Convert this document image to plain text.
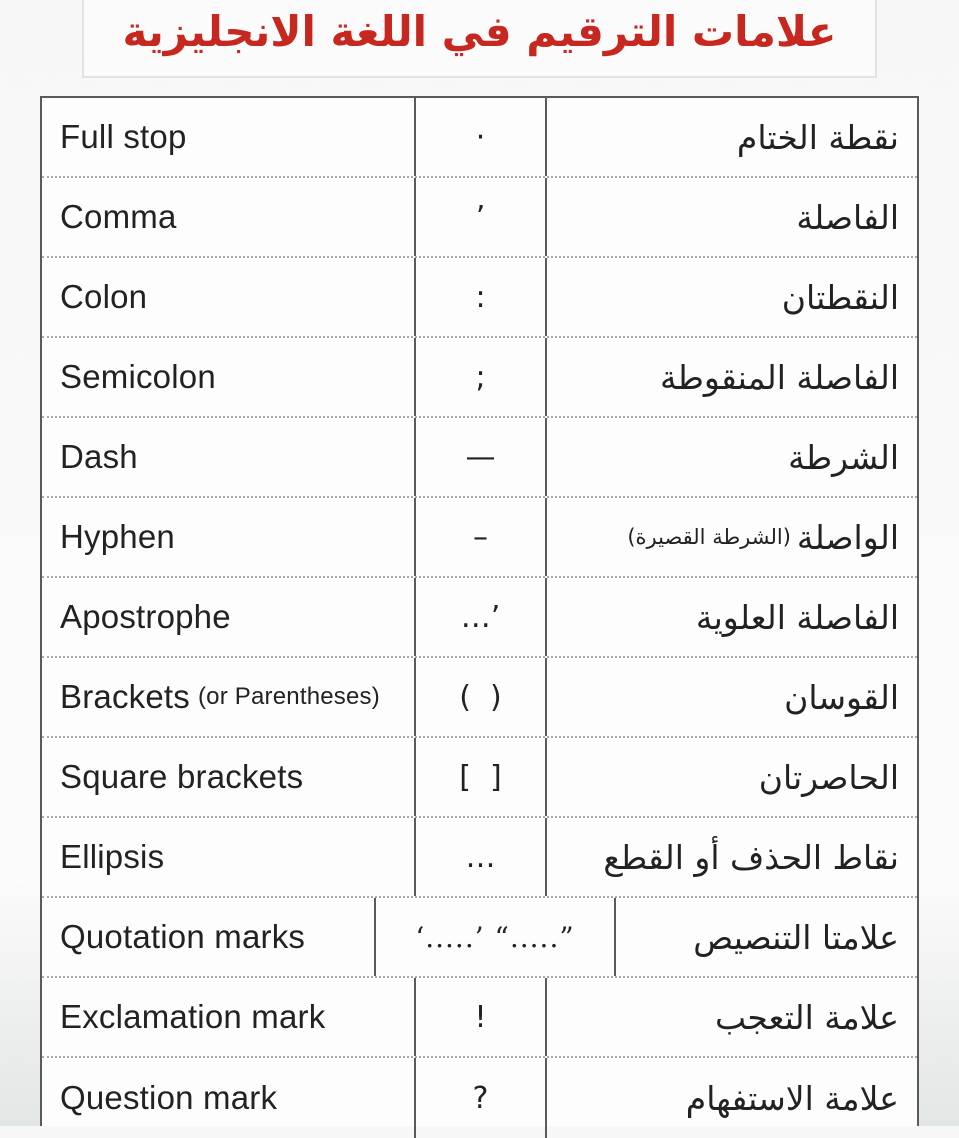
علامات الترقيم في اللغة الانجليزية
Full stop	·	نقطة الختام
Comma	’	الفاصلة
Colon	:	النقطتان
Semicolon	;	الفاصلة المنقوطة
Dash	—	الشرطة
Hyphen	–	الواصلة
(الشرطة القصيرة)
Apostrophe	…’	الفاصلة العلوية
Brackets (or Parentheses)	(  )	القوسان
Square brackets	[  ]	الحاصرتان
Ellipsis	…	نقاط الحذف أو القطع
Quotation marks	‘.....’ “.....”	علامتا التنصيص
Exclamation mark	!	علامة التعجب
Question mark	?	علامة الاستفهام
